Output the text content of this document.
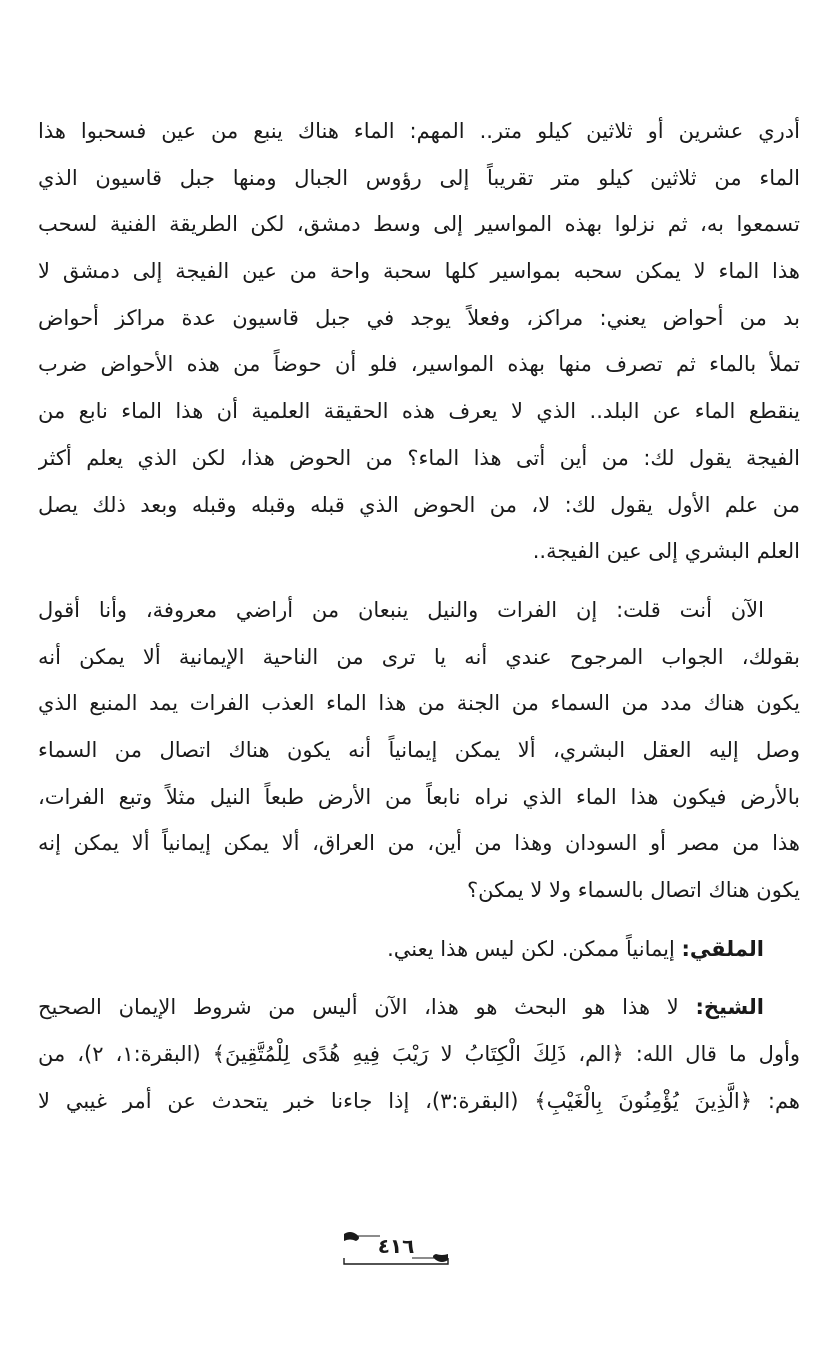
أدري عشرين أو ثلاثين كيلو متر.. المهم: الماء هناك ينبع من عين فسحبوا هذا
الماء من ثلاثين كيلو متر تقريباً إلى رؤوس الجبال ومنها جبل قاسيون الذي
تسمعوا به، ثم نزلوا بهذه المواسير إلى وسط دمشق، لكن الطريقة الفنية لسحب
هذا الماء لا يمكن سحبه بمواسير كلها سحبة واحة من عين الفيجة إلى دمشق لا
بد من أحواض يعني: مراكز، وفعلاً يوجد في جبل قاسيون عدة مراكز أحواض
تملأ بالماء ثم تصرف منها بهذه المواسير، فلو أن حوضاً من هذه الأحواض ضرب
ينقطع الماء عن البلد.. الذي لا يعرف هذه الحقيقة العلمية أن هذا الماء نابع من
الفيجة يقول لك: من أين أتى هذا الماء؟ من الحوض هذا، لكن الذي يعلم أكثر
من علم الأول يقول لك: لا، من الحوض الذي قبله وقبله وقبله وبعد ذلك يصل
العلم البشري إلى عين الفيجة..
الآن أنت قلت: إن الفرات والنيل ينبعان من أراضي معروفة، وأنا أقول
بقولك، الجواب المرجوح عندي أنه يا ترى من الناحية الإيمانية ألا يمكن أنه
يكون هناك مدد من السماء من الجنة من هذا الماء العذب الفرات يمد المنبع الذي
وصل إليه العقل البشري، ألا يمكن إيمانياً أنه يكون هناك اتصال من السماء
بالأرض فيكون هذا الماء الذي نراه نابعاً من الأرض طبعاً النيل مثلاً وتبع الفرات،
هذا من مصر أو السودان وهذا من أين، من العراق، ألا يمكن إيمانياً ألا يمكن إنه
يكون هناك اتصال بالسماء ولا لا يمكن؟
الملقي: إيمانياً ممكن. لكن ليس هذا يعني.
الشيخ: لا هذا هو البحث هو هذا، الآن أليس من شروط الإيمان الصحيح
وأول ما قال الله: ﴿الم، ذَلِكَ الْكِتَابُ لا رَيْبَ فِيهِ هُدًى لِلْمُتَّقِينَ﴾ (البقرة:١، ٢)، من
هم: ﴿الَّذِينَ يُؤْمِنُونَ بِالْغَيْبِ﴾ (البقرة:٣)، إذا جاءنا خبر يتحدث عن أمر غيبي لا
٤١٦
